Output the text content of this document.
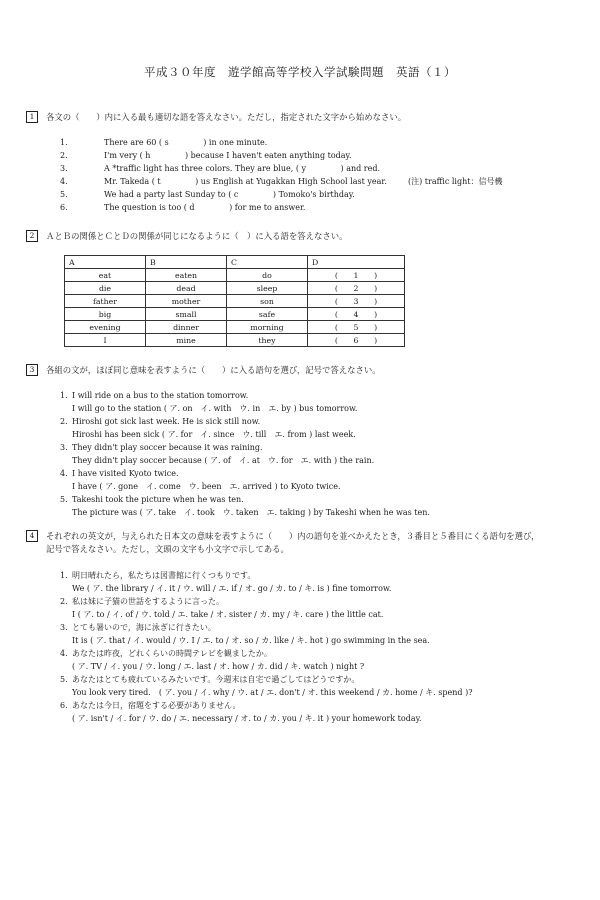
平成３０年度　遊学館高等学校入学試験問題　英語（１）
1	各文の（　　）内に入る最も適切な語を答えなさい。ただし，指定された文字から始めなさい。
1.	There are 60 ( s　　　　 ) in one minute.
2.	I'm very ( h　　　　 ) because I haven't eaten anything today.
3.	A *traffic light has three colors. They are blue, ( y　　　　 ) and red.
(注) traffic light：信号機
4.	Mr. Takeda ( t　　　　 ) us English at Yugakkan High School last year.
5.	We had a party last Sunday to ( c　　　　 ) Tomoko's birthday.
6.	The question is too ( d　　　　 ) for me to answer.
2	ＡとＢの関係とＣとＤの関係が同じになるように（　）に入る語を答えなさい。
A	B	C	D
eat	eaten	do	(　　1　　)
die	dead	sleep	(　　2　　)
father	mother	son	(　　3　　)
big	small	safe	(　　4　　)
evening	dinner	morning	(　　5　　)
I	mine	they	(　　6　　)
3	各組の文が，ほぼ同じ意味を表すように（　　）に入る語句を選び，記号で答えなさい。
1. I will ride on a bus to the station tomorrow.
I will go to the station ( ア. on　イ. with　ウ. in　エ. by ) bus tomorrow.
2. Hiroshi got sick last week. He is sick still now.
Hiroshi has been sick ( ア. for　イ. since　ウ. till　エ. from ) last week.
3. They didn't play soccer because it was raining.
They didn't play soccer because ( ア. of　イ. at　ウ. for　エ. with ) the rain.
4. I have visited Kyoto twice.
I have ( ア. gone　イ. come　ウ. been　エ. arrived ) to Kyoto twice.
5. Takeshi took the picture when he was ten.
The picture was ( ア. take　イ. took　ウ. taken　エ. taking ) by Takeshi when he was ten.
4	それぞれの英文が，与えられた日本文の意味を表すように（　　）内の語句を並べかえたとき，３番目と５番目にくる語句を選び，
記号で答えなさい。ただし，文頭の文字も小文字で示してある。
1. 明日晴れたら，私たちは図書館に行くつもりです。
We ( ア. the library / イ. it / ウ. will / エ. if / オ. go / カ. to / キ. is ) fine tomorrow.
2. 私は妹に子猫の世話をするように言った。
I ( ア. to / イ. of / ウ. told / エ. take / オ. sister / カ. my / キ. care ) the little cat.
3. とても暑いので，海に泳ぎに行きたい。
It is ( ア. that / イ. would / ウ. I / エ. to / オ. so / カ. like / キ. hot ) go swimming in the sea.
4. あなたは昨夜，どれくらいの時間テレビを観ましたか。
( ア. TV / イ. you / ウ. long / エ. last / オ. how / カ. did / キ. watch ) night ?
5. あなたはとても疲れているみたいです。今週末は自宅で過ごしてはどうですか。
You look very tired.　( ア. you / イ. why / ウ. at / エ. don't / オ. this weekend / カ. home / キ. spend )?
6. あなたは今日，宿題をする必要がありません。
( ア. isn't / イ. for / ウ. do / エ. necessary / オ. to / カ. you / キ. it ) your homework today.
